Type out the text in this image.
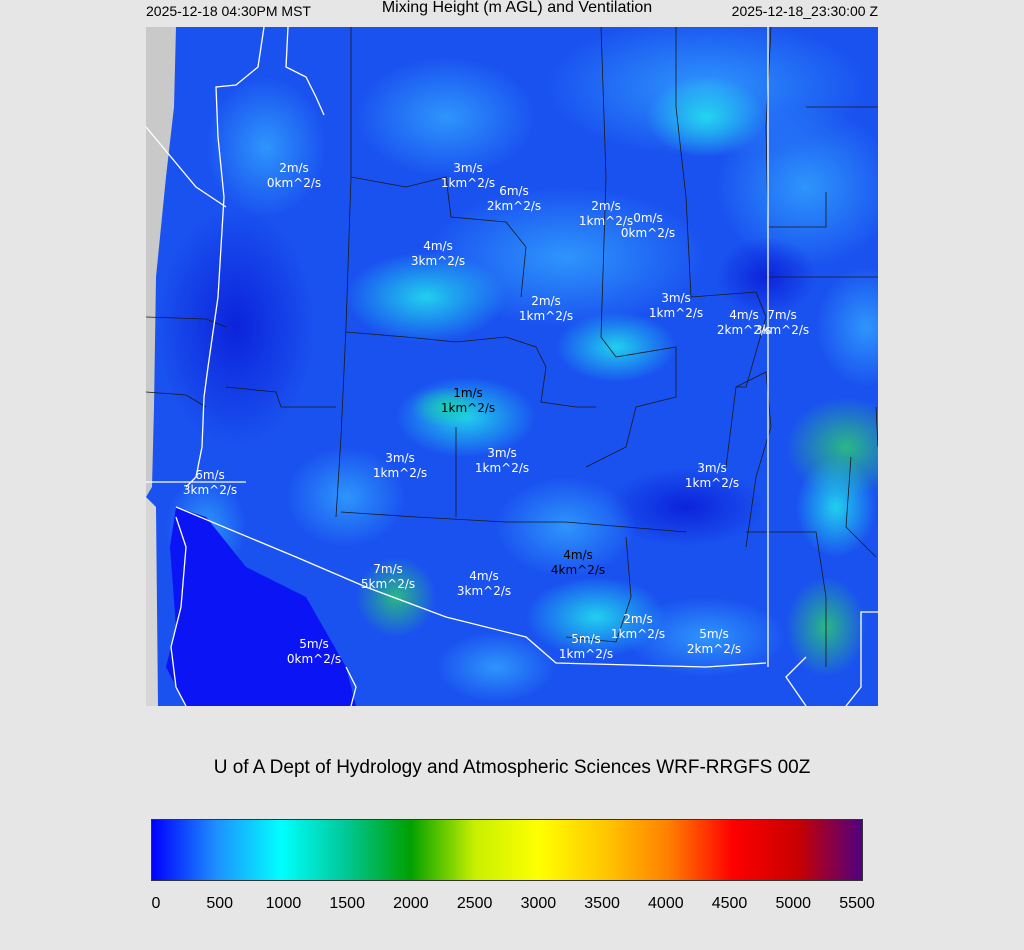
2025-12-18 04:30PM MST	Mixing Height (m AGL) and Ventilation	2025-12-18_23:30:00 Z
2m/s
0km^2/s
3m/s
1km^2/s
6m/s
2km^2/s	2m/s
1km^2/s 0m/s
0km^2/s
4m/s
3km^2/s
2m/s
1km^2/s
3m/s
1km^2/s 4m/s
2km^2/s
7m/s
3km^2/s
1m/s
1km^2/s
3m/s
1km^2/s
3m/s
1km^2/s	3m/s
1km^2/s
6m/s
3km^2/s
4m/s
4km^2/s
7m/s
5km^2/s
4m/s
3km^2/s
2m/s
1km^2/s
5m/s
1km^2/s
5m/s
2km^2/s
5m/s
0km^2/s
U of A Dept of Hydrology and Atmospheric Sciences WRF-RRGFS 00Z
0	500 1000 1500 2000 2500 3000 3500 4000 4500 5000 5500
